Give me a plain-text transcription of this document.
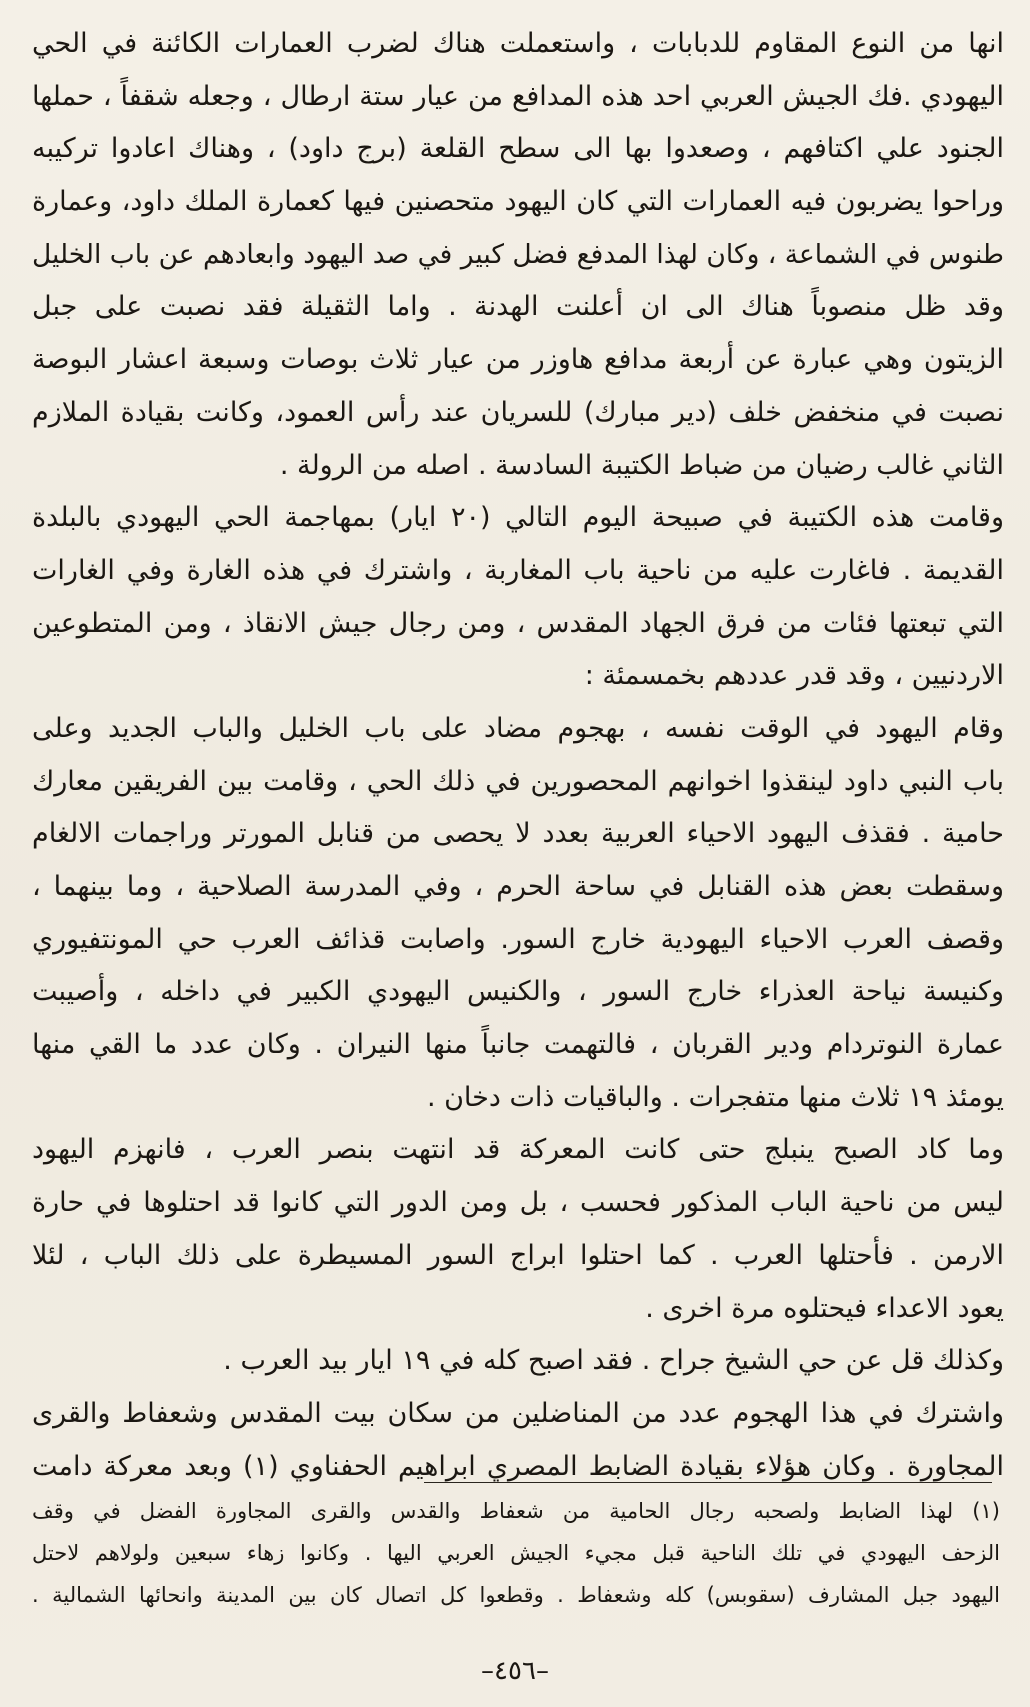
انها من النوع المقاوم للدبابات ، واستعملت هناك لضرب العمارات الكائنة في الحي
اليهودي .فك الجيش العربي احد هذه المدافع من عيار ستة ارطال ، وجعله شقفاً ، حملها
الجنود علي اكتافهم ، وصعدوا بها الى سطح القلعة (برج داود) ، وهناك اعادوا تركيبه
وراحوا يضربون فيه العمارات التي كان اليهود متحصنين فيها كعمارة الملك داود، وعمارة
طنوس في الشماعة ، وكان لهذا المدفع فضل كبير في صد اليهود وابعادهم عن باب الخليل
وقد ظل منصوباً هناك الى ان أعلنت الهدنة . واما الثقيلة فقد نصبت على جبل
الزيتون وهي عبارة عن أربعة مدافع هاوزر من عيار ثلاث بوصات وسبعة اعشار البوصة
نصبت في منخفض خلف (دير مبارك) للسريان عند رأس العمود، وكانت بقيادة الملازم
الثاني غالب رضيان من ضباط الكتيبة السادسة . اصله من الرولة .
وقامت هذه الكتيبة في صبيحة اليوم التالي (٢٠ ايار) بمهاجمة الحي اليهودي بالبلدة
القديمة . فاغارت عليه من ناحية باب المغاربة ، واشترك في هذه الغارة وفي الغارات
التي تبعتها فئات من فرق الجهاد المقدس ، ومن رجال جيش الانقاذ ، ومن المتطوعين
الاردنيين ، وقد قدر عددهم بخمسمئة :
وقام اليهود في الوقت نفسه ، بهجوم مضاد على باب الخليل والباب الجديد وعلى
باب النبي داود لينقذوا اخوانهم المحصورين في ذلك الحي ، وقامت بين الفريقين معارك
حامية . فقذف اليهود الاحياء العربية بعدد لا يحصى من قنابل المورتر وراجمات الالغام
وسقطت بعض هذه القنابل في ساحة الحرم ، وفي المدرسة الصلاحية ، وما بينهما ،
وقصف العرب الاحياء اليهودية خارج السور. واصابت قذائف العرب حي المونتفيوري
وكنيسة نياحة العذراء خارج السور ، والكنيس اليهودي الكبير في داخله ، وأصيبت
عمارة النوتردام ودير القربان ، فالتهمت جانباً منها النيران . وكان عدد ما القي منها
يومئذ ١٩ ثلاث منها متفجرات . والباقيات ذات دخان .
وما كاد الصبح ينبلج حتى كانت المعركة قد انتهت بنصر العرب ، فانهزم اليهود
ليس من ناحية الباب المذكور فحسب ، بل ومن الدور التي كانوا قد احتلوها في حارة
الارمن . فأحتلها العرب . كما احتلوا ابراج السور المسيطرة على ذلك الباب ، لئلا
يعود الاعداء فيحتلوه مرة اخرى .
وكذلك قل عن حي الشيخ جراح . فقد اصبح كله في ١٩ ايار بيد العرب .
واشترك في هذا الهجوم عدد من المناضلين من سكان بيت المقدس وشعفاط والقرى
المجاورة . وكان هؤلاء بقيادة الضابط المصري ابراهيم الحفناوي (١) وبعد معركة دامت
(١) لهذا الضابط ولصحبه رجال الحامية من شعفاط والقدس والقرى المجاورة الفضل في وقف
الزحف اليهودي في تلك الناحية قبل مجيء الجيش العربي اليها . وكانوا زهاء سبعين ولولاهم لاحتل
اليهود جبل المشارف (سقوبس) كله وشعفاط . وقطعوا كل اتصال كان بين المدينة وانحائها الشمالية .
–٤٥٦–
